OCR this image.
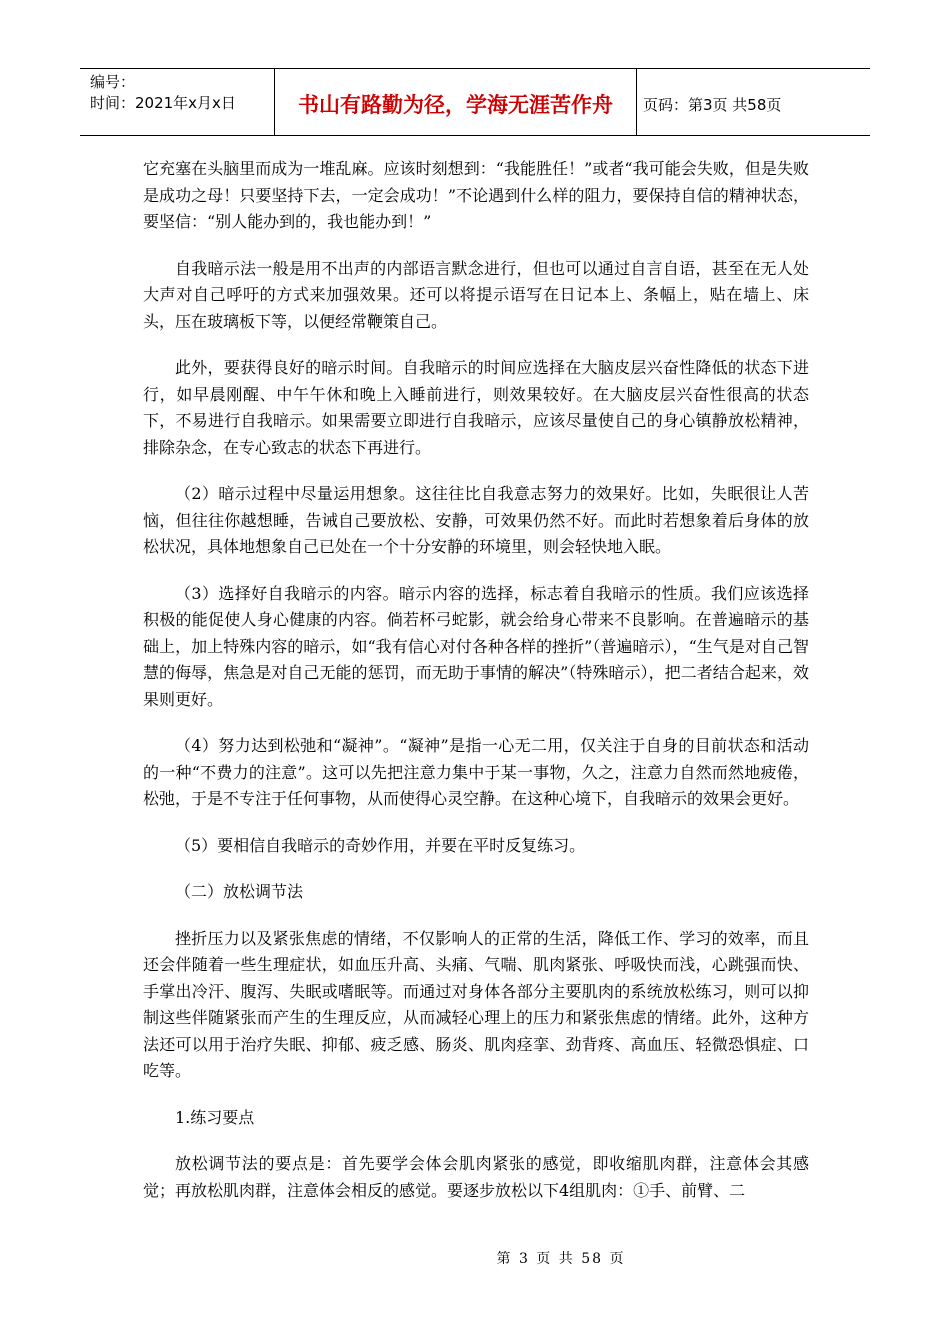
编号：
时间：2021年x月x日	书山有路勤为径，学海无涯苦作舟	页码：第3页 共58页

它充塞在头脑里而成为一堆乱麻。应该时刻想到：“我能胜任！”或者“我可能会失败，但是失败是成功之母！只要坚持下去，一定会成功！”不论遇到什么样的阻力，要保持自信的精神状态，要坚信：“别人能办到的，我也能办到！”

自我暗示法一般是用不出声的内部语言默念进行，但也可以通过自言自语，甚至在无人处大声对自己呼吁的方式来加强效果。还可以将提示语写在日记本上、条幅上，贴在墙上、床头，压在玻璃板下等，以便经常鞭策自己。

此外，要获得良好的暗示时间。自我暗示的时间应选择在大脑皮层兴奋性降低的状态下进行，如早晨刚醒、中午午休和晚上入睡前进行，则效果较好。在大脑皮层兴奋性很高的状态下，不易进行自我暗示。如果需要立即进行自我暗示，应该尽量使自己的身心镇静放松精神，排除杂念，在专心致志的状态下再进行。

（2）暗示过程中尽量运用想象。这往往比自我意志努力的效果好。比如，失眠很让人苦恼，但往往你越想睡，告诫自己要放松、安静，可效果仍然不好。而此时若想象着后身体的放松状况，具体地想象自己已处在一个十分安静的环境里，则会轻快地入眠。

（3）选择好自我暗示的内容。暗示内容的选择，标志着自我暗示的性质。我们应该选择积极的能促使人身心健康的内容。倘若杯弓蛇影，就会给身心带来不良影响。在普遍暗示的基础上，加上特殊内容的暗示，如“我有信心对付各种各样的挫折”（普遍暗示），“生气是对自己智慧的侮辱，焦急是对自己无能的惩罚，而无助于事情的解决”（特殊暗示），把二者结合起来，效果则更好。

（4）努力达到松弛和“凝神”。“凝神”是指一心无二用，仅关注于自身的目前状态和活动的一种“不费力的注意”。这可以先把注意力集中于某一事物，久之，注意力自然而然地疲倦，松弛，于是不专注于任何事物，从而使得心灵空静。在这种心境下，自我暗示的效果会更好。

（5）要相信自我暗示的奇妙作用，并要在平时反复练习。

（二）放松调节法

挫折压力以及紧张焦虑的情绪，不仅影响人的正常的生活，降低工作、学习的效率，而且还会伴随着一些生理症状，如血压升高、头痛、气喘、肌肉紧张、呼吸快而浅，心跳强而快、手掌出冷汗、腹泻、失眠或嗜眠等。而通过对身体各部分主要肌肉的系统放松练习，则可以抑制这些伴随紧张而产生的生理反应，从而减轻心理上的压力和紧张焦虑的情绪。此外，这种方法还可以用于治疗失眠、抑郁、疲乏感、肠炎、肌肉痉挛、劲背疼、高血压、轻微恐惧症、口吃等。

1.练习要点

放松调节法的要点是：首先要学会体会肌肉紧张的感觉，即收缩肌肉群，注意体会其感觉；再放松肌肉群，注意体会相反的感觉。要逐步放松以下4组肌肉：①手、前臂、二

第 3 页 共 58 页
